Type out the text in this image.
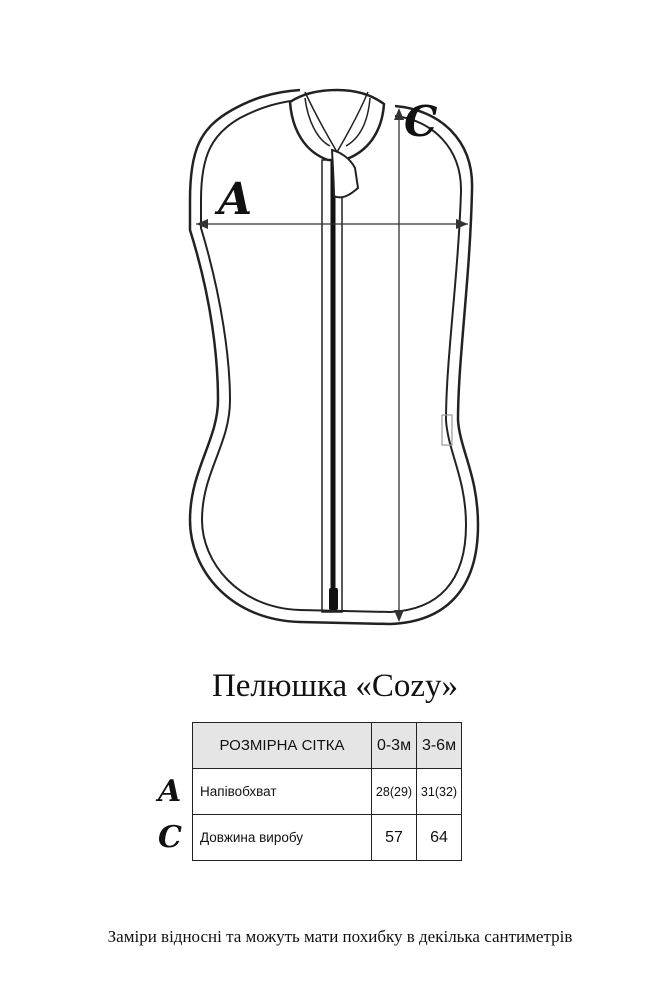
A
C
Пелюшка «Cozy»
РОЗМІРНА СІТКА	0-3м	3-6м
Напівобхват	28(29)	31(32)
Довжина виробу	57	64
A
C
Заміри відносні та можуть мати похибку в декілька сантиметрів
